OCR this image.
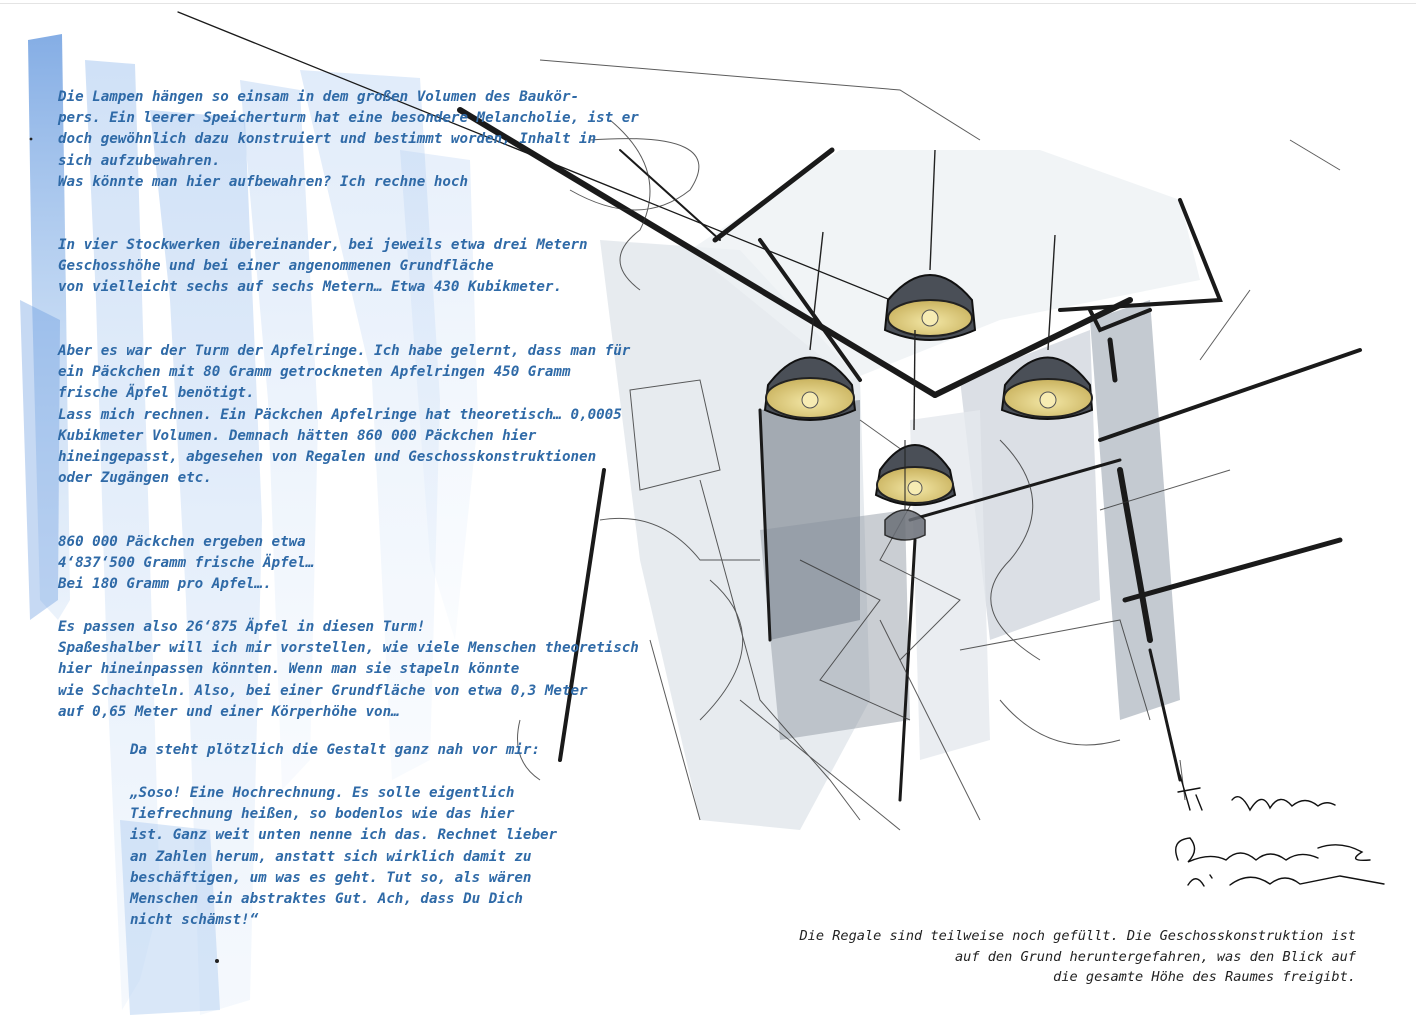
Die Lampen hängen so einsam in dem großen Volumen des Baukör-
pers. Ein leerer Speicherturm hat eine besondere Melancholie, ist er
doch gewöhnlich dazu konstruiert und bestimmt worden, Inhalt in
sich aufzubewahren.
Was könnte man hier aufbewahren? Ich rechne hoch
In vier Stockwerken übereinander, bei jeweils etwa drei Metern
Geschosshöhe und bei einer angenommenen Grundfläche
von vielleicht sechs auf sechs Metern… Etwa 430 Kubikmeter.
Aber es war der Turm der Apfelringe. Ich habe gelernt, dass man für
ein Päckchen mit 80 Gramm getrockneten Apfelringen 450 Gramm
frische Äpfel benötigt.
Lass mich rechnen. Ein Päckchen Apfelringe hat theoretisch… 0,0005
Kubikmeter Volumen. Demnach hätten 860 000 Päckchen hier
hineingepasst, abgesehen von Regalen und Geschosskonstruktionen
oder Zugängen etc.
860 000 Päckchen ergeben etwa
4‘837‘500 Gramm frische Äpfel…
Bei 180 Gramm pro Apfel….
Es passen also 26‘875 Äpfel in diesen Turm!
Spaßeshalber will ich mir vorstellen, wie viele Menschen theoretisch
hier hineinpassen könnten. Wenn man sie stapeln könnte
wie Schachteln. Also, bei einer Grundfläche von etwa 0,3 Meter
auf 0,65 Meter und einer Körperhöhe von…
Da steht plötzlich die Gestalt ganz nah vor mir:
„Soso! Eine Hochrechnung. Es solle eigentlich
Tiefrechnung heißen, so bodenlos wie das hier
ist. Ganz weit unten nenne ich das. Rechnet lieber
an Zahlen herum, anstatt sich wirklich damit zu
beschäftigen, um was es geht. Tut so, als wären
Menschen ein abstraktes Gut. Ach, dass Du Dich
nicht schämst!“
Die Regale sind teilweise noch gefüllt. Die Geschosskonstruktion ist
auf den Grund heruntergefahren, was den Blick auf
die gesamte Höhe des Raumes freigibt.
